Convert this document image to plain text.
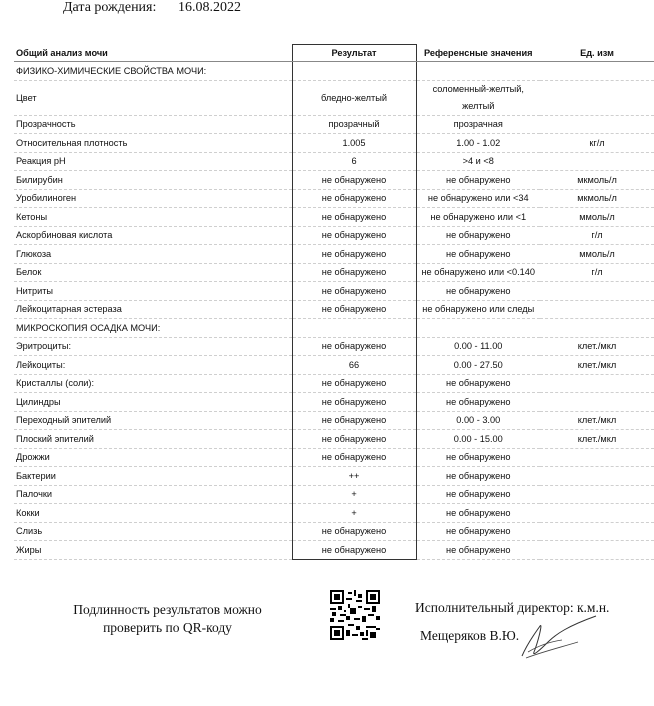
Дата рождения: 16.08.2022
Общий анализ мочи	Результат	Референсные значения	Ед. изм
ФИЗИКО-ХИМИЧЕСКИЕ СВОЙСТВА МОЧИ:			
Цвет	бледно-желтый	соломенный-желтый, желтый	
Прозрачность	прозрачный	прозрачная	
Относительная плотность	1.005	1.00 - 1.02	кг/л
Реакция pH	6	>4 и <8	
Билирубин	не обнаружено	не обнаружено	мкмоль/л
Уробилиноген	не обнаружено	не обнаружено или <34	мкмоль/л
Кетоны	не обнаружено	не обнаружено или <1	ммоль/л
Аскорбиновая кислота	не обнаружено	не обнаружено	г/л
Глюкоза	не обнаружено	не обнаружено	ммоль/л
Белок	не обнаружено	не обнаружено или <0.140	г/л
Нитриты	не обнаружено	не обнаружено	
Лейкоцитарная эстераза	не обнаружено	не обнаружено или следы	
МИКРОСКОПИЯ ОСАДКА МОЧИ:			
Эритроциты:	не обнаружено	0.00 - 11.00	клет./мкл
Лейкоциты:	66	0.00 - 27.50	клет./мкл
Кристаллы (соли):	не обнаружено	не обнаружено	
Цилиндры	не обнаружено	не обнаружено	
Переходный эпителий	не обнаружено	0.00 - 3.00	клет./мкл
Плоский эпителий	не обнаружено	0.00 - 15.00	клет./мкл
Дрожжи	не обнаружено	не обнаружено	
Бактерии	++	не обнаружено	
Палочки	+	не обнаружено	
Кокки	+	не обнаружено	
Слизь	не обнаружено	не обнаружено	
Жиры	не обнаружено	не обнаружено	
Подлинность результатов можно
проверить по QR-коду
Исполнительный директор: к.м.н.
Мещеряков В.Ю.
